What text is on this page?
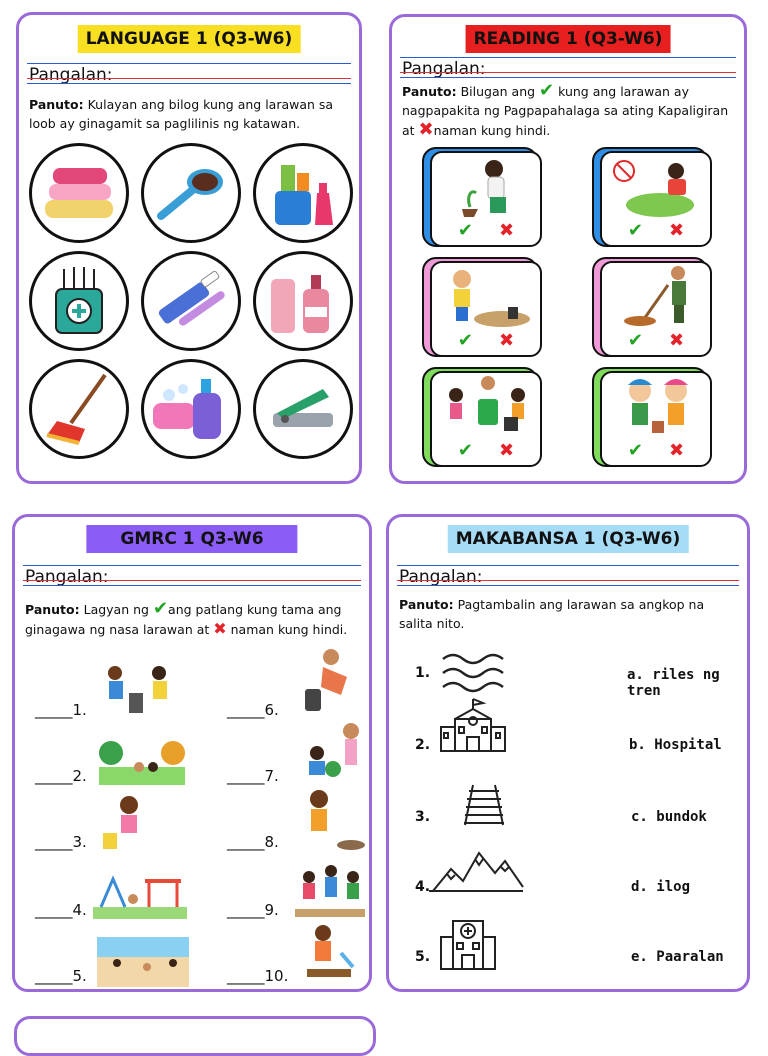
LANGUAGE 1 (Q3-W6)
Pangalan:
Panuto: Kulayan ang bilog kung ang larawan sa loob ay ginagamit sa paglilinis ng katawan.
READING 1 (Q3-W6)
Pangalan:
Panuto: Bilugan ang ✔ kung ang larawan ay nagpapakita ng Pagpapahalaga sa ating Kapaligiran at ✖naman kung hindi.
✔ ✖	✔ ✖
✔ ✖	✔ ✖
✔ ✖	✔ ✖
GMRC 1 Q3-W6
Pangalan:
Panuto: Lagyan ng ✔ang patlang kung tama ang ginagawa ng nasa larawan at ✖ naman kung hindi.
_____1.
_____2.
_____3.
_____4.
_____5.
_____6.
_____7.
_____8.
_____9.
_____10.
MAKABANSA 1 (Q3-W6)
Pangalan:
Panuto: Pagtambalin ang larawan sa angkop na salita nito.
1.
2.
3.
4.
5.
a. riles ng tren
b. Hospital
c. bundok
d. ilog
e. Paaralan
